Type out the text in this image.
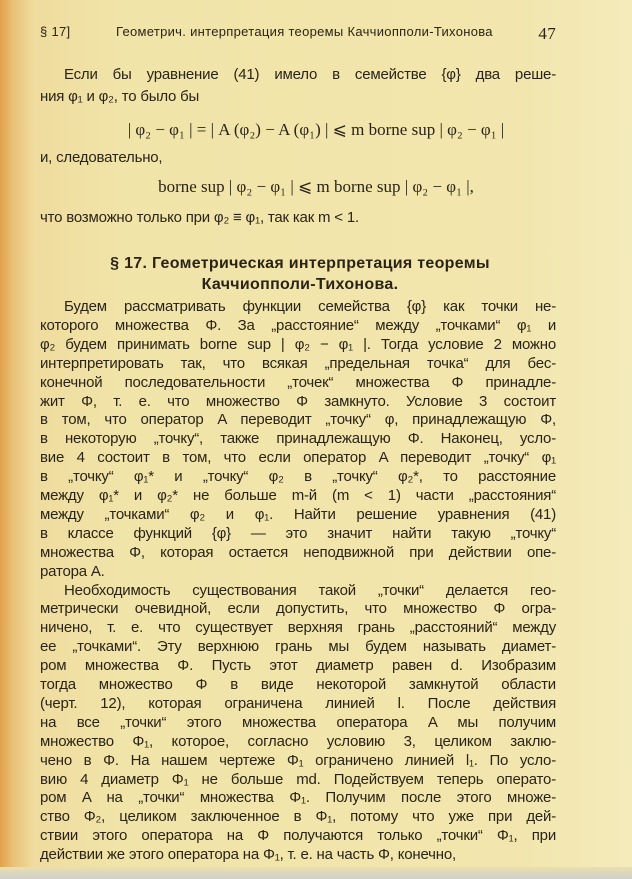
§ 17]	Геометрич. интерпретация теоремы Каччиопполи-Тихонова	47
Если бы уравнение (41) имело в семействе {φ} два реше-
ния φ₁ и φ₂, то было бы
| φ₂ − φ₁ | = | A (φ₂) − A (φ₁) | ⩽ m borne sup | φ₂ − φ₁ |
и, следовательно,
borne sup | φ₂ − φ₁ | ⩽ m borne sup | φ₂ − φ₁ |,
что возможно только при φ₂ ≡ φ₁, так как m < 1.
§ 17. Геометрическая интерпретация теоремы
Каччиопполи-Тихонова.
Будем рассматривать функции семейства {φ} как точки не-
которого множества Φ. За „расстояние“ между „точками“ φ₁ и
φ₂ будем принимать borne sup | φ₂ − φ₁ |. Тогда условие 2 можно
интерпретировать так, что всякая „предельная точка“ для бес-
конечной последовательности „точек“ множества Φ принадле-
жит Φ, т. е. что множество Φ замкнуто. Условие 3 состоит
в том, что оператор A переводит „точку“ φ, принадлежащую Φ,
в некоторую „точку“, также принадлежащую Φ. Наконец, усло-
вие 4 состоит в том, что если оператор A переводит „точку“ φ₁
в „точку“ φ₁* и „точку“ φ₂ в „точку“ φ₂*, то расстояние
между φ₁* и φ₂* не больше m-й (m < 1) части „расстояния“
между „точками“ φ₂ и φ₁. Найти решение уравнения (41)
в классе функций {φ} — это значит найти такую „точку“
множества Φ, которая остается неподвижной при действии опе-
ратора A.
Необходимость существования такой „точки“ делается гео-
метрически очевидной, если допустить, что множество Φ огра-
ничено, т. е. что существует верхняя грань „расстояний“ между
ее „точками“. Эту верхнюю грань мы будем называть диамет-
ром множества Φ. Пусть этот диаметр равен d. Изобразим
тогда множество Φ в виде некоторой замкнутой области
(черт. 12), которая ограничена линией l. После действия
на все „точки“ этого множества оператора A мы получим
множество Φ₁, которое, согласно условию 3, целиком заклю-
чено в Φ. На нашем чертеже Φ₁ ограничено линией l₁. По усло-
вию 4 диаметр Φ₁ не больше md. Подействуем теперь операто-
ром A на „точки“ множества Φ₁. Получим после этого множе-
ство Φ₂, целиком заключенное в Φ₁, потому что уже при дей-
ствии этого оператора на Φ получаются только „точки“ Φ₁, при
действии же этого оператора на Φ₁, т. е. на часть Φ, конечно,
